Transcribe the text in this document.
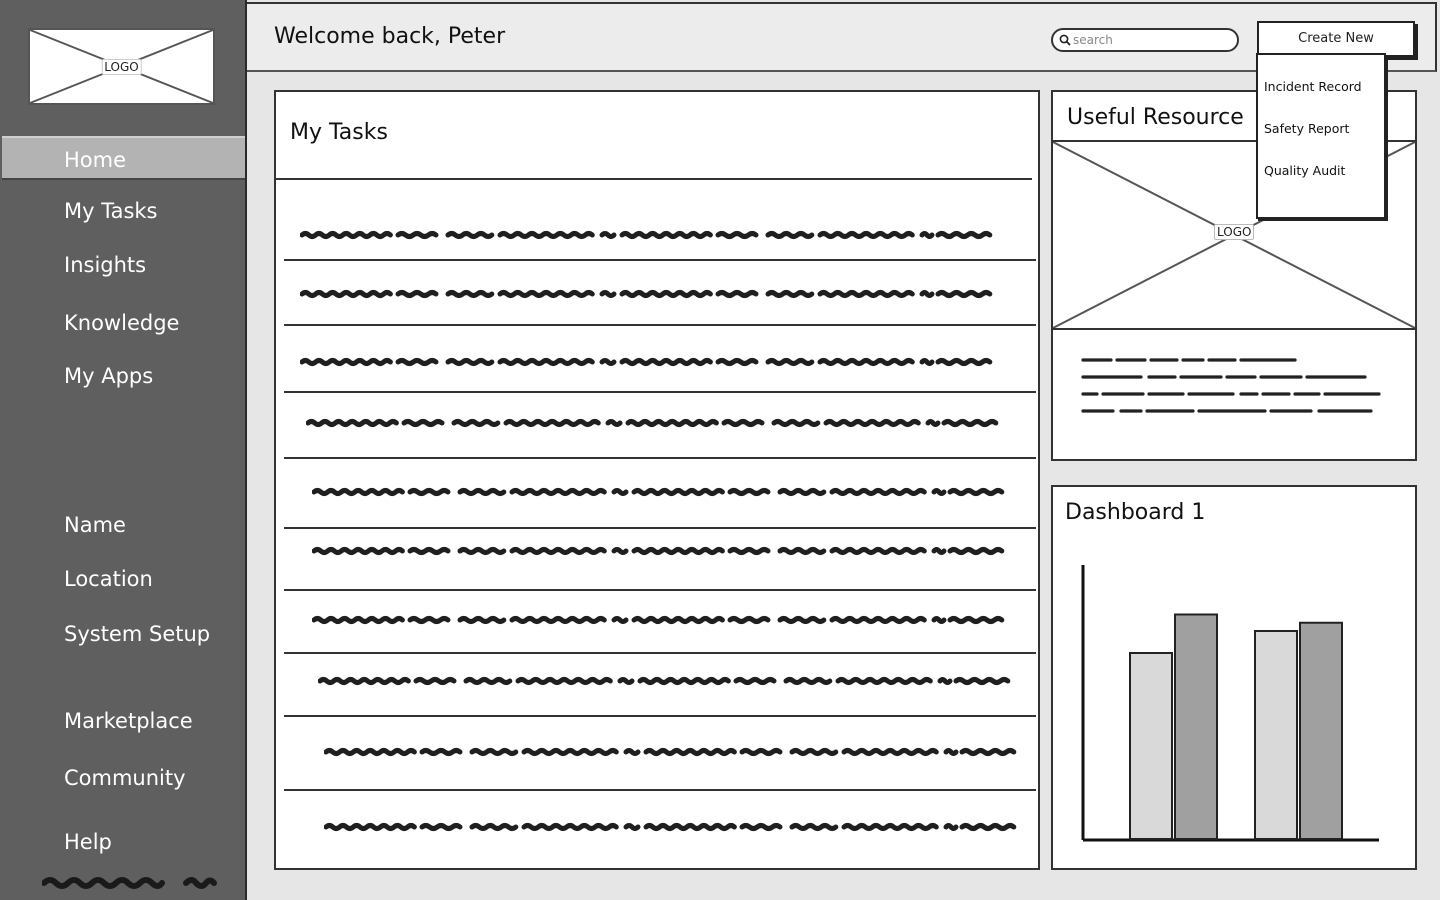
LOGO
Home
My Tasks
Insights
Knowledge
My Apps
Name
Location
System Setup
Marketplace
Community
Help
Welcome back, Peter
search	Create New
Incident Record
Safety Report
Quality Audit
My Tasks
Useful Resource
LOGO
Dashboard 1
